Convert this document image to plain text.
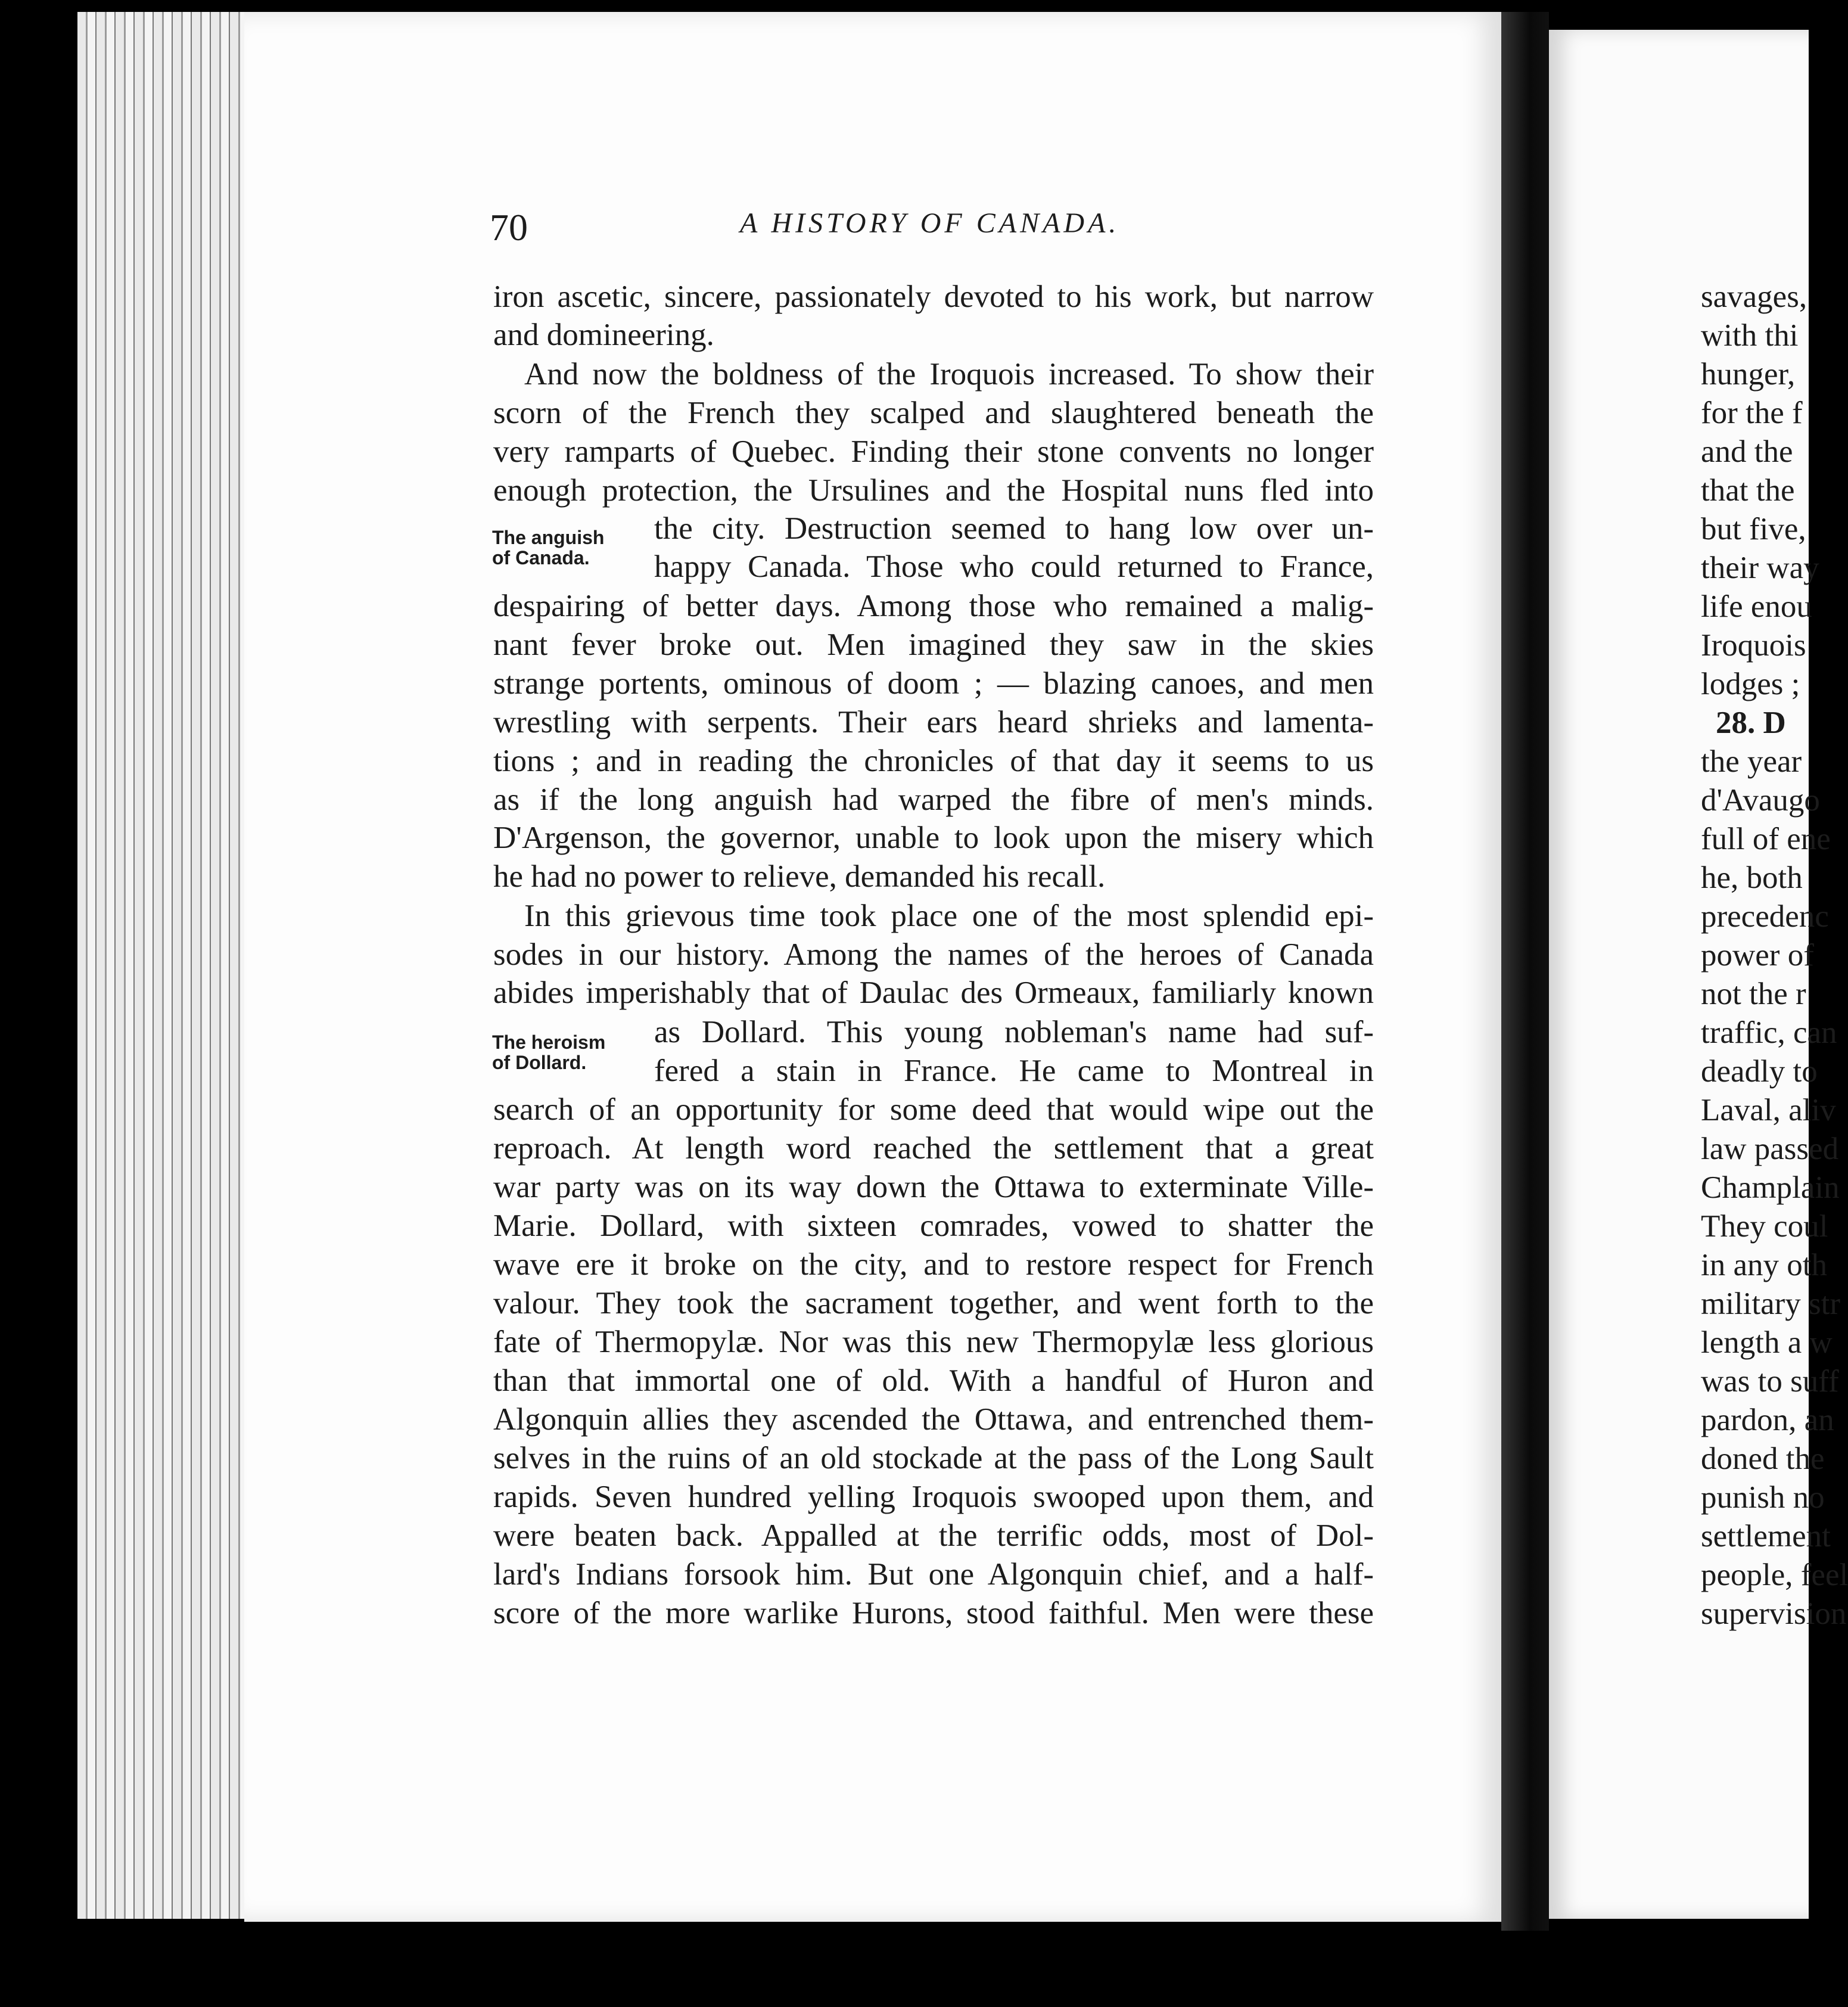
70	A HISTORY OF CANADA.
iron ascetic, sincere, passionately devoted to his work, but narrow
and domineering.
And now the boldness of the Iroquois increased. To show their
scorn of the French they scalped and slaughtered beneath the
very ramparts of Quebec. Finding their stone convents no longer
enough protection, the Ursulines and the Hospital nuns fled into
The anguish
of Canada.
the city. Destruction seemed to hang low over un-
happy Canada. Those who could returned to France,
despairing of better days. Among those who remained a malig-
nant fever broke out. Men imagined they saw in the skies
strange portents, ominous of doom ; — blazing canoes, and men
wrestling with serpents. Their ears heard shrieks and lamenta-
tions ; and in reading the chronicles of that day it seems to us
as if the long anguish had warped the fibre of men's minds.
D'Argenson, the governor, unable to look upon the misery which
he had no power to relieve, demanded his recall.
In this grievous time took place one of the most splendid epi-
sodes in our history. Among the names of the heroes of Canada
abides imperishably that of Daulac des Ormeaux, familiarly known
The heroism
of Dollard.
as Dollard. This young nobleman's name had suf-
fered a stain in France. He came to Montreal in
search of an opportunity for some deed that would wipe out the
reproach. At length word reached the settlement that a great
war party was on its way down the Ottawa to exterminate Ville-
Marie. Dollard, with sixteen comrades, vowed to shatter the
wave ere it broke on the city, and to restore respect for French
valour. They took the sacrament together, and went forth to the
fate of Thermopylæ. Nor was this new Thermopylæ less glorious
than that immortal one of old. With a handful of Huron and
Algonquin allies they ascended the Ottawa, and entrenched them-
selves in the ruins of an old stockade at the pass of the Long Sault
rapids. Seven hundred yelling Iroquois swooped upon them, and
were beaten back. Appalled at the terrific odds, most of Dol-
lard's Indians forsook him. But one Algonquin chief, and a half-
score of the more warlike Hurons, stood faithful. Men were these
savages,
with thi
hunger,
for the f
and the
that the
but five,
their way
life enou
Iroquois
lodges ;
28. D
the year
d'Avaugo
full of ene
he, both
precedenc
power of
not the r
traffic, can
deadly to
Laval, aliv
law passed
Champlain
They coul
in any oth
military str
length a w
was to suff
pardon, an
doned the
punish no
settlement
people, feel
supervision
